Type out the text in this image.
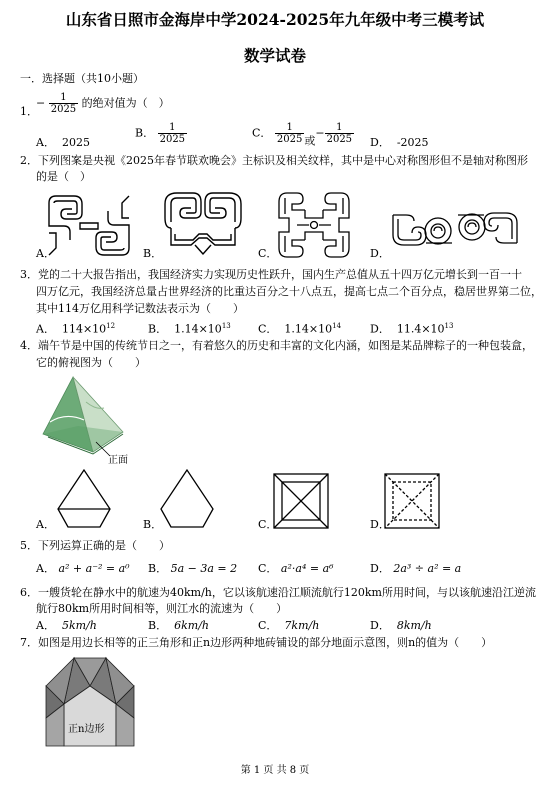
山东省日照市金海岸中学2024-2025年九年级中考三模考试
数学试卷
一．选择题（共10小题）
1．
− $\frac{1}{2025}$ 的绝对值为（　）
A． 2025
B． $\frac{1}{2025}$	C． $\frac{1}{2025}$ 或− $\frac{1}{2025}$ D． -2025
2．下列图案是央视《2025年春节联欢晚会》主标识及相关纹样，其中是中心对称图形但不是轴对称图形
的是（　）
A．	B．	C．	D．
3．党的二十大报告指出，我国经济实力实现历史性跃升，国内生产总值从五十四万亿元增长到一百一十
四万亿元，我国经济总量占世界经济的比重达百分之十八点五，提高七点二个百分点，稳居世界第二位，
其中114万亿用科学记数法表示为（　　）
A． $114\times 10^{12}$	B． $1.14\times 10^{13}$ C． $1.14\times 10^{14}$	D． $11.4\times 10^{13}$
4．端午节是中国的传统节日之一，有着悠久的历史和丰富的文化内涵，如图是某品牌粽子的一种包装盒，
它的俯视图为（　　）
正面
A．	B．	C．	D．
5．下列运算正确的是（　　）
A． a² + a⁻² = a⁰ B． 5a − 3a = 2 C． a²·a⁴ = a⁶	D． 2a³ ÷ a² = a
6．一艘货轮在静水中的航速为40km/h，它以该航速沿江顺流航行120km所用时间，与以该航速沿江逆流
航行80km所用时间相等，则江水的流速为（　　）
A． 5km/h	B． 6km/h	C． 7km/h	D． 8km/h
7．如图是用边长相等的正三角形和正n边形两种地砖铺设的部分地面示意图，则n的值为（　　）
正n边形
第 1 页 共 8 页
